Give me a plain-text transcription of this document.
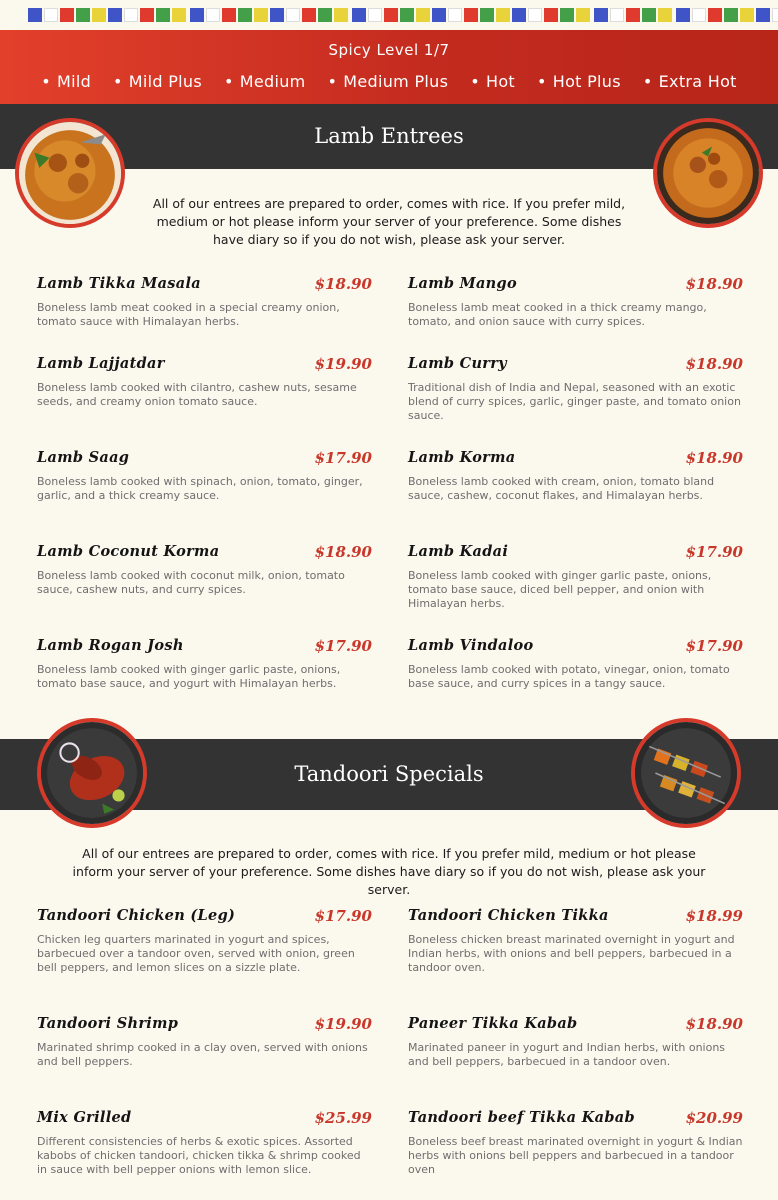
Spicy Level 1/7
• Mild	• Mild Plus	• Medium	• Medium Plus	• Hot	• Hot Plus	• Extra Hot
Lamb Entrees
All of our entrees are prepared to order, comes with rice. If you prefer mild, medium or hot please inform your server of your preference. Some dishes have diary so if you do not wish, please ask your server.
Lamb Tikka Masala	$18.90
Boneless lamb meat cooked in a special creamy onion, tomato sauce with Himalayan herbs.
Lamb Mango	$18.90
Boneless lamb meat cooked in a thick creamy mango, tomato, and onion sauce with curry spices.
Lamb Lajjatdar	$19.90
Boneless lamb cooked with cilantro, cashew nuts, sesame seeds, and creamy onion tomato sauce.
Lamb Curry	$18.90
Traditional dish of India and Nepal, seasoned with an exotic blend of curry spices, garlic, ginger paste, and tomato onion sauce.
Lamb Saag	$17.90
Boneless lamb cooked with spinach, onion, tomato, ginger, garlic, and a thick creamy sauce.
Lamb Korma	$18.90
Boneless lamb cooked with cream, onion, tomato bland sauce, cashew, coconut flakes, and Himalayan herbs.
Lamb Coconut Korma	$18.90
Boneless lamb cooked with coconut milk, onion, tomato sauce, cashew nuts, and curry spices.
Lamb Kadai	$17.90
Boneless lamb cooked with ginger garlic paste, onions, tomato base sauce, diced bell pepper, and onion with Himalayan herbs.
Lamb Rogan Josh	$17.90
Boneless lamb cooked with ginger garlic paste, onions, tomato base sauce, and yogurt with Himalayan herbs.
Lamb Vindaloo	$17.90
Boneless lamb cooked with potato, vinegar, onion, tomato base sauce, and curry spices in a tangy sauce.
Tandoori Specials
All of our entrees are prepared to order, comes with rice. If you prefer mild, medium or hot please inform your server of your preference. Some dishes have diary so if you do not wish, please ask your server.
Tandoori Chicken (Leg)	$17.90
Chicken leg quarters marinated in yogurt and spices, barbecued over a tandoor oven, served with onion, green bell peppers, and lemon slices on a sizzle plate.
Tandoori Chicken Tikka	$18.99
Boneless chicken breast marinated overnight in yogurt and Indian herbs, with onions and bell peppers, barbecued in a tandoor oven.
Tandoori Shrimp	$19.90
Marinated shrimp cooked in a clay oven, served with onions and bell peppers.
Paneer Tikka Kabab	$18.90
Marinated paneer in yogurt and Indian herbs, with onions and bell peppers, barbecued in a tandoor oven.
Mix Grilled	$25.99
Different consistencies of herbs & exotic spices. Assorted kabobs of chicken tandoori, chicken tikka & shrimp cooked in sauce with bell pepper onions with lemon slice.
Tandoori beef Tikka Kabab	$20.99
Boneless beef breast marinated overnight in yogurt & Indian herbs with onions bell peppers and barbecued in a tandoor oven
